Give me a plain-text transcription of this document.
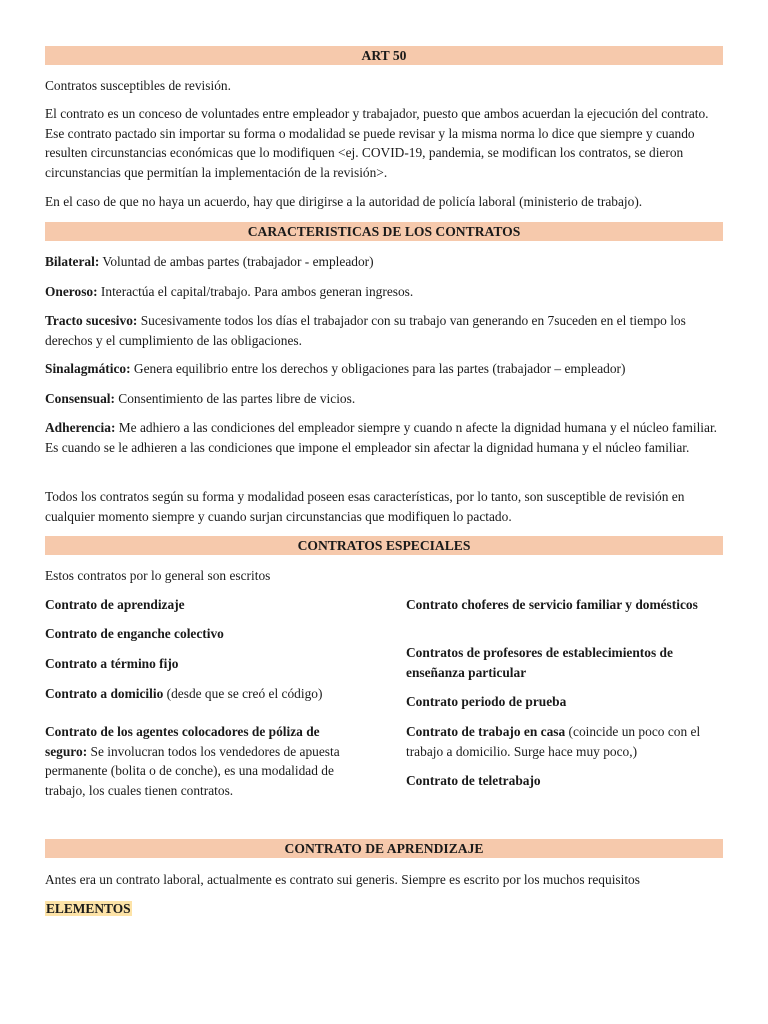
ART 50

Contratos susceptibles de revisión.

El contrato es un conceso de voluntades entre empleador y trabajador, puesto que ambos acuerdan la ejecución del contrato. Ese contrato pactado sin importar su forma o modalidad se puede revisar y la misma norma lo dice que siempre y cuando resulten circunstancias económicas que lo modifiquen <ej. COVID-19, pandemia, se modifican los contratos, se dieron circunstancias que permitían la implementación de la revisión>.

En el caso de que no haya un acuerdo, hay que dirigirse a la autoridad de policía laboral (ministerio de trabajo).

CARACTERISTICAS DE LOS CONTRATOS

Bilateral: Voluntad de ambas partes (trabajador - empleador)

Oneroso: Interactúa el capital/trabajo. Para ambos generan ingresos.

Tracto sucesivo: Sucesivamente todos los días el trabajador con su trabajo van generando en 7suceden en el tiempo los derechos y el cumplimiento de las obligaciones.

Sinalagmático: Genera equilibrio entre los derechos y obligaciones para las partes (trabajador – empleador)

Consensual: Consentimiento de las partes libre de vicios.

Adherencia: Me adhiero a las condiciones del empleador siempre y cuando n afecte la dignidad humana y el núcleo familiar. Es cuando se le adhieren a las condiciones que impone el empleador sin afectar la dignidad humana y el núcleo familiar.

Todos los contratos según su forma y modalidad poseen esas características, por lo tanto, son susceptible de revisión en cualquier momento siempre y cuando surjan circunstancias que modifiquen lo pactado.

CONTRATOS ESPECIALES

Estos contratos por lo general son escritos

Contrato de aprendizaje

Contrato de enganche colectivo

Contrato a término fijo

Contrato a domicilio (desde que se creó el código)

Contrato de los agentes colocadores de póliza de seguro: Se involucran todos los vendedores de apuesta permanente (bolita o de conche), es una modalidad de trabajo, los cuales tienen contratos.

Contrato choferes de servicio familiar y domésticos

Contratos de profesores de establecimientos de enseñanza particular

Contrato periodo de prueba

Contrato de trabajo en casa (coincide un poco con el trabajo a domicilio. Surge hace muy poco,)

Contrato de teletrabajo

CONTRATO DE APRENDIZAJE

Antes era un contrato laboral, actualmente es contrato sui generis. Siempre es escrito por los muchos requisitos

ELEMENTOS
